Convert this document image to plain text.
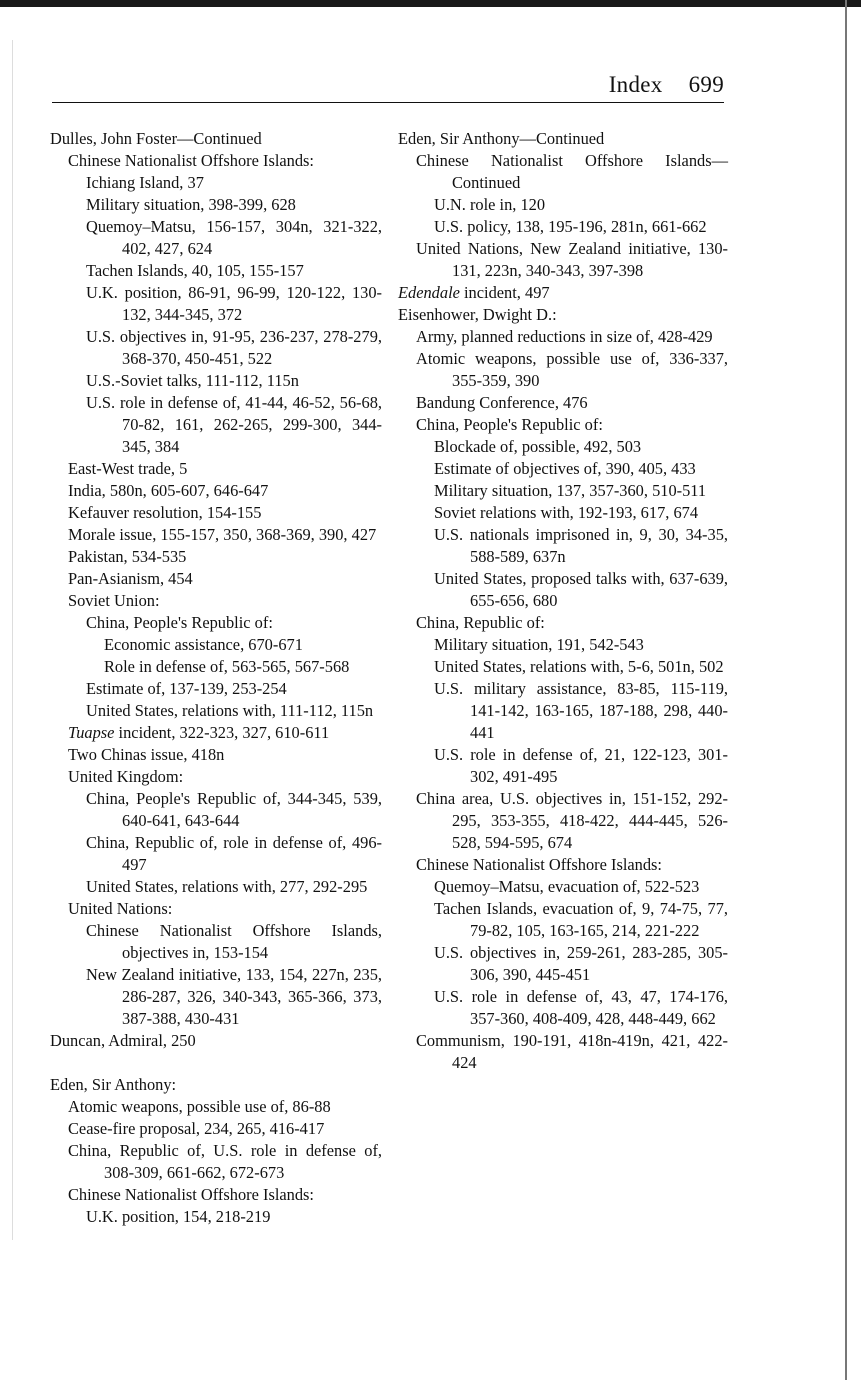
Index 699
Dulles, John Foster—Continued
Chinese Nationalist Offshore Islands:
Ichiang Island, 37
Military situation, 398-399, 628
Quemoy–Matsu, 156-157, 304n, 321-322, 402, 427, 624
Tachen Islands, 40, 105, 155-157
U.K. position, 86-91, 96-99, 120-122, 130-132, 344-345, 372
U.S. objectives in, 91-95, 236-237, 278-279, 368-370, 450-451, 522
U.S.-Soviet talks, 111-112, 115n
U.S. role in defense of, 41-44, 46-52, 56-68, 70-82, 161, 262-265, 299-300, 344-345, 384
East-West trade, 5
India, 580n, 605-607, 646-647
Kefauver resolution, 154-155
Morale issue, 155-157, 350, 368-369, 390, 427
Pakistan, 534-535
Pan-Asianism, 454
Soviet Union:
China, People's Republic of:
Economic assistance, 670-671
Role in defense of, 563-565, 567-568
Estimate of, 137-139, 253-254
United States, relations with, 111-112, 115n
Tuapse incident, 322-323, 327, 610-611
Two Chinas issue, 418n
United Kingdom:
China, People's Republic of, 344-345, 539, 640-641, 643-644
China, Republic of, role in defense of, 496-497
United States, relations with, 277, 292-295
United Nations:
Chinese Nationalist Offshore Islands, objectives in, 153-154
New Zealand initiative, 133, 154, 227n, 235, 286-287, 326, 340-343, 365-366, 373, 387-388, 430-431
Duncan, Admiral, 250
Eden, Sir Anthony:
Atomic weapons, possible use of, 86-88
Cease-fire proposal, 234, 265, 416-417
China, Republic of, U.S. role in defense of, 308-309, 661-662, 672-673
Chinese Nationalist Offshore Islands:
U.K. position, 154, 218-219
Eden, Sir Anthony—Continued
Chinese Nationalist Offshore Islands—Continued
U.N. role in, 120
U.S. policy, 138, 195-196, 281n, 661-662
United Nations, New Zealand initiative, 130-131, 223n, 340-343, 397-398
Edendale incident, 497
Eisenhower, Dwight D.:
Army, planned reductions in size of, 428-429
Atomic weapons, possible use of, 336-337, 355-359, 390
Bandung Conference, 476
China, People's Republic of:
Blockade of, possible, 492, 503
Estimate of objectives of, 390, 405, 433
Military situation, 137, 357-360, 510-511
Soviet relations with, 192-193, 617, 674
U.S. nationals imprisoned in, 9, 30, 34-35, 588-589, 637n
United States, proposed talks with, 637-639, 655-656, 680
China, Republic of:
Military situation, 191, 542-543
United States, relations with, 5-6, 501n, 502
U.S. military assistance, 83-85, 115-119, 141-142, 163-165, 187-188, 298, 440-441
U.S. role in defense of, 21, 122-123, 301-302, 491-495
China area, U.S. objectives in, 151-152, 292-295, 353-355, 418-422, 444-445, 526-528, 594-595, 674
Chinese Nationalist Offshore Islands:
Quemoy–Matsu, evacuation of, 522-523
Tachen Islands, evacuation of, 9, 74-75, 77, 79-82, 105, 163-165, 214, 221-222
U.S. objectives in, 259-261, 283-285, 305-306, 390, 445-451
U.S. role in defense of, 43, 47, 174-176, 357-360, 408-409, 428, 448-449, 662
Communism, 190-191, 418n-419n, 421, 422-424
